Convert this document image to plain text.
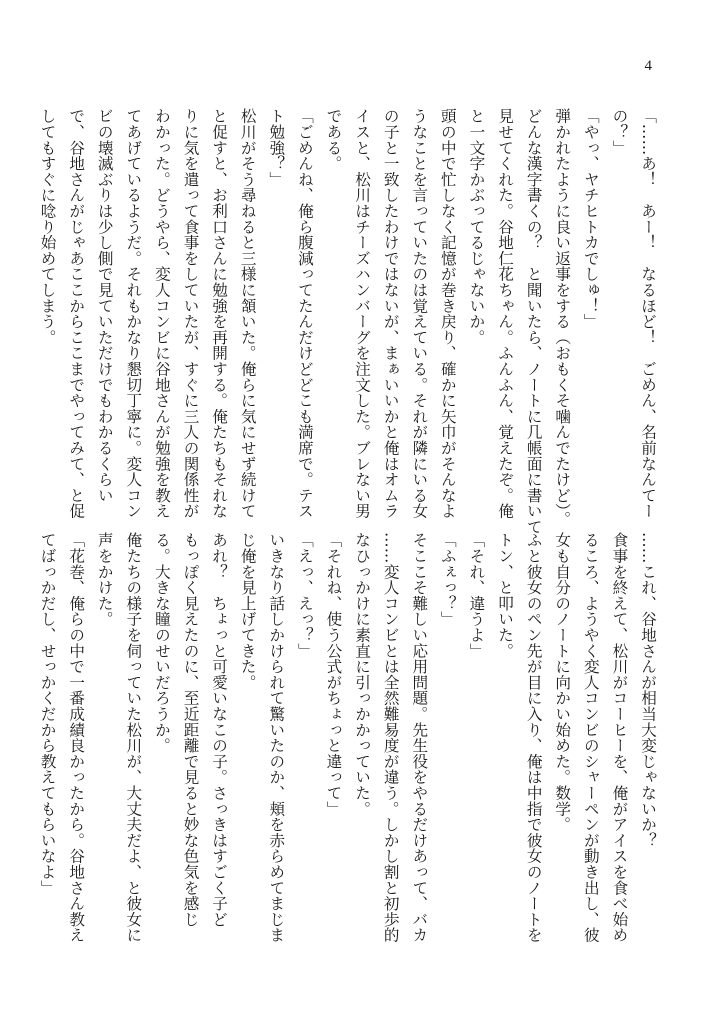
4
「……あ！　あー！　なるほど！　ごめん、名前なんてー
の？」
「やっ、ヤチヒトカでしゅ！」
弾かれたように良い返事をする（おもくそ噛んでたけど）。
どんな漢字書くの？　と聞いたら、ノートに几帳面に書いて
見せてくれた。谷地仁花ちゃん。ふんふん、覚えたぞ。俺
と一文字かぶってるじゃないか。
頭の中で忙しなく記憶が巻き戻り、確かに矢巾がそんなよ
うなことを言っていたのは覚えている。それが隣にいる女
の子と一致したわけではないが、まぁいいかと俺はオムラ
イスと、松川はチーズハンバーグを注文した。ブレない男
である。
「ごめんね、俺ら腹減ってたんだけどどこも満席で。テス
ト勉強？」
松川がそう尋ねると三様に頷いた。俺らに気にせず続けて
と促すと、お利口さんに勉強を再開する。俺たちもそれな
りに気を遣って食事をしていたが、すぐに三人の関係性が
わかった。どうやら、変人コンビに谷地さんが勉強を教え
てあげているようだ。それもかなり懇切丁寧に。変人コン
ビの壊滅ぶりは少し側で見ていただけでもわかるくらい
で、谷地さんがじゃあここからここまでやってみて、と促
してもすぐに唸り始めてしまう。
……これ、谷地さんが相当大変じゃないか？
食事を終えて、松川がコーヒーを、俺がアイスを食べ始め
るころ、ようやく変人コンビのシャーペンが動き出し、彼
女も自分のノートに向かい始めた。数学。
ふと彼女のペン先が目に入り、俺は中指で彼女のノートを
トン、と叩いた。
「それ、違うよ」
「ふぇっ？」
そここそ難しい応用問題。先生役をやるだけあって、バカ
……変人コンビとは全然難易度が違う。しかし割と初歩的
なひっかけに素直に引っかかっていた。
「それね、使う公式がちょっと違って」
「えっ、えっ？」
いきなり話しかけられて驚いたのか、頬を赤らめてまじま
じ俺を見上げてきた。
あれ？　ちょっと可愛いなこの子。さっきはすごく子ど
もっぽく見えたのに、至近距離で見ると妙な色気を感じ
る。大きな瞳のせいだろうか。
俺たちの様子を伺っていた松川が、大丈夫だよ、と彼女に
声をかけた。
「花巻、俺らの中で一番成績良かったから。谷地さん教え
てばっかだし、せっかくだから教えてもらいなよ」
